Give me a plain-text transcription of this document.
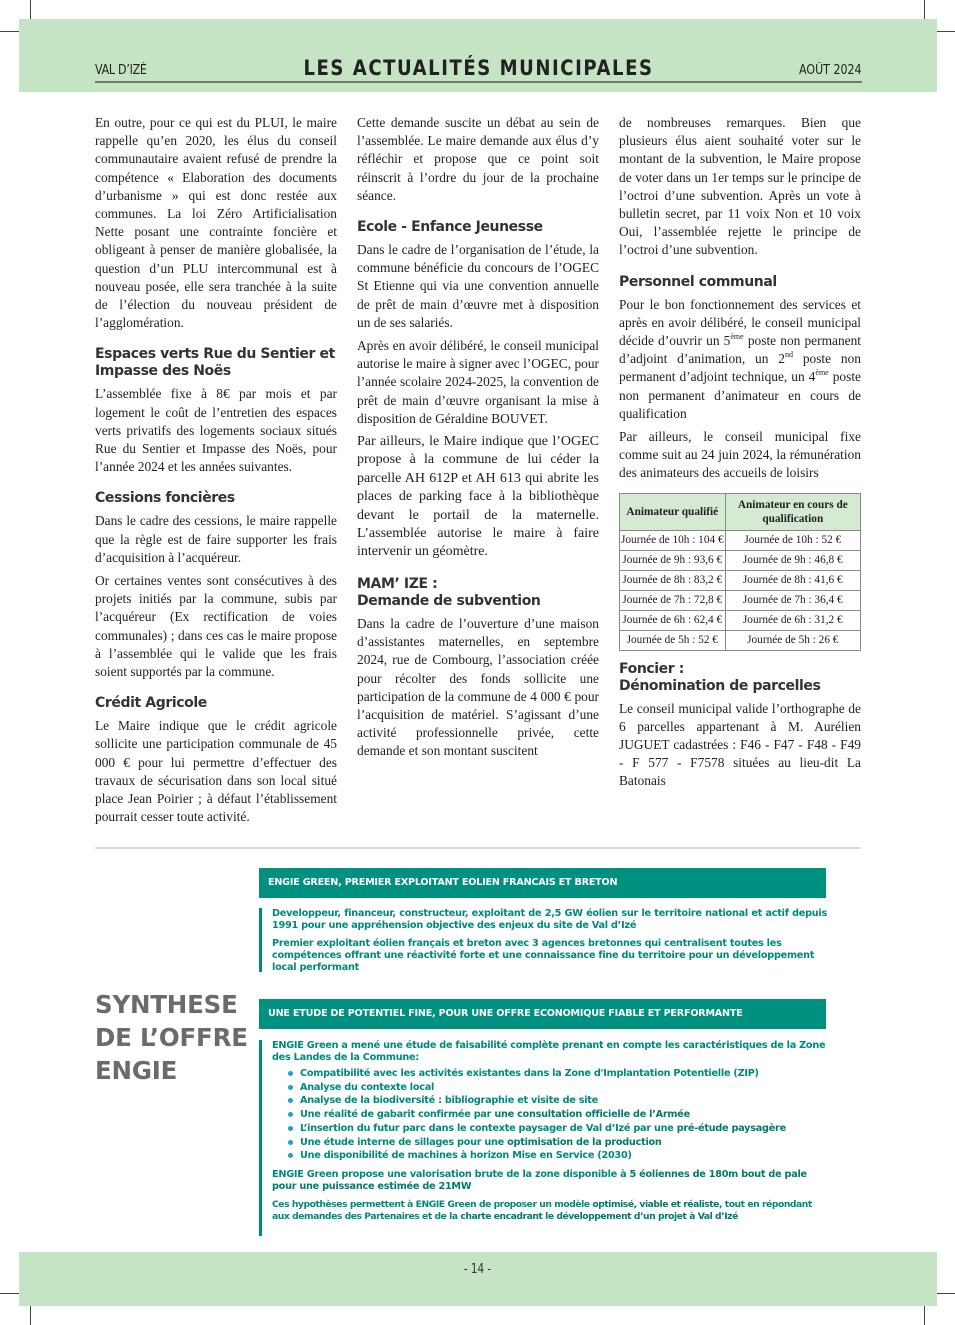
VAL D’IZÉ	LES ACTUALITÉS MUNICIPALES	AOÛT 2024

En outre, pour ce qui est du PLUI, le maire rappelle qu’en 2020, les élus du conseil communautaire avaient refusé de prendre la compétence « Elaboration des documents d’urbanisme » qui est donc restée aux communes. La loi Zéro Artificialisation Nette posant une contrainte foncière et obligeant à penser de manière globalisée, la question d’un PLU intercommunal est à nouveau posée, elle sera tranchée à la suite de l’élection du nouveau président de l’agglomération.

Espaces verts Rue du Sentier et Impasse des Noës

L’assemblée fixe à 8€ par mois et par logement le coût de l’entretien des espaces verts privatifs des logements sociaux situés Rue du Sentier et Impasse des Noës, pour l’année 2024 et les années suivantes.

Cessions foncières

Dans le cadre des cessions, le maire rappelle que la règle est de faire supporter les frais d’acquisition à l’acquéreur.

Or certaines ventes sont consécutives à des projets initiés par la commune, subis par l’acquéreur (Ex rectification de voies communales) ; dans ces cas le maire propose à l’assemblée qui le valide que les frais soient supportés par la commune.

Crédit Agricole

Le Maire indique que le crédit agricole sollicite une participation communale de 45 000 € pour lui permettre d’effectuer des travaux de sécurisation dans son local situé place Jean Poirier ; à défaut l’établissement pourrait cesser toute activité.

Cette demande suscite un débat au sein de l’assemblée. Le maire demande aux élus d’y réfléchir et propose que ce point soit réinscrit à l’ordre du jour de la prochaine séance.

Ecole - Enfance Jeunesse

Dans le cadre de l’organisation de l’étude, la commune bénéficie du concours de l’OGEC St Etienne qui via une convention annuelle de prêt de main d’œuvre met à disposition un de ses salariés.

Après en avoir délibéré, le conseil municipal autorise le maire à signer avec l’OGEC, pour l’année scolaire 2024-2025, la convention de prêt de main d’œuvre organisant la mise à disposition de Géraldine BOUVET.

Par ailleurs, le Maire indique que l’OGEC propose à la commune de lui céder la parcelle AH 612P et AH 613 qui abrite les places de parking face à la bibliothèque devant le portail de la maternelle. L’assemblée autorise le maire à faire intervenir un géomètre.

MAM’ IZE :
Demande de subvention

Dans la cadre de l’ouverture d’une maison d’assistantes maternelles, en septembre 2024, rue de Combourg, l’association créée pour récolter des fonds sollicite une participation de la commune de 4 000 € pour l’acquisition de matériel. S’agissant d’une activité professionnelle privée, cette demande et son montant suscitent

de nombreuses remarques. Bien que plusieurs élus aient souhaité voter sur le montant de la subvention, le Maire propose de voter dans un 1er temps sur le principe de l’octroi d’une subvention. Après un vote à bulletin secret, par 11 voix Non et 10 voix Oui, l’assemblée rejette le principe de l’octroi d’une subvention.

Personnel communal

Pour le bon fonctionnement des services et après en avoir délibéré, le conseil municipal décide d’ouvrir un 5ème poste non permanent d’adjoint d’animation, un 2nd poste non permanent d’adjoint technique, un 4ème poste non permanent d’animateur en cours de qualification

Par ailleurs, le conseil municipal fixe comme suit au 24 juin 2024, la rémunération des animateurs des accueils de loisirs

Animateur qualifié	Animateur en cours de qualification
Journée de 10h : 104 €	Journée de 10h : 52 €
Journée de 9h : 93,6 €	Journée de 9h : 46,8 €
Journée de 8h : 83,2 €	Journée de 8h : 41,6 €
Journée de 7h : 72,8 €	Journée de 7h : 36,4 €
Journée de 6h : 62,4 €	Journée de 6h : 31,2 €
Journée de 5h : 52 €	Journée de 5h : 26 €
Foncier :
Dénomination de parcelles

Le conseil municipal valide l’orthographe de 6 parcelles appartenant à M. Aurélien JUGUET cadastrées : F46 - F47 - F48 - F49 - F 577 - F7578 situées au lieu-dit La Batonais

ENGIE GREEN, PREMIER EXPLOITANT EOLIEN FRANCAIS ET BRETON

Developpeur, financeur, constructeur, exploitant de 2,5 GW éolien sur le territoire national et actif depuis 1991 pour une appréhension objective des enjeux du site de Val d’Izé

Premier exploitant éolien français et breton avec 3 agences bretonnes qui centralisent toutes les compétences offrant une réactivité forte et une connaissance fine du territoire pour un développement local performant

SYNTHESE
DE L’OFFRE
ENGIE
UNE ETUDE DE POTENTIEL FINE, POUR UNE OFFRE ECONOMIQUE FIABLE ET PERFORMANTE

ENGIE Green a mené une étude de faisabilité complète prenant en compte les caractéristiques de la Zone des Landes de la Commune:

Compatibilité avec les activités existantes dans la Zone d'Implantation Potentielle (ZIP)
Analyse du contexte local
Analyse de la biodiversité : bibliographie et visite de site
Une réalité de gabarit confirmée par une consultation officielle de l’Armée
L’insertion du futur parc dans le contexte paysager de Val d’Izé par une pré-étude paysagère
Une étude interne de sillages pour une optimisation de la production
Une disponibilité de machines à horizon Mise en Service (2030)

ENGIE Green propose une valorisation brute de la zone disponible à 5 éoliennes de 180m bout de pale pour une puissance estimée de 21MW

Ces hypothèses permettent à ENGIE Green de proposer un modèle optimisé, viable et réaliste, tout en répondant aux demandes des Partenaires et de la charte encadrant le développement d’un projet à Val d’Izé

- 14 -
